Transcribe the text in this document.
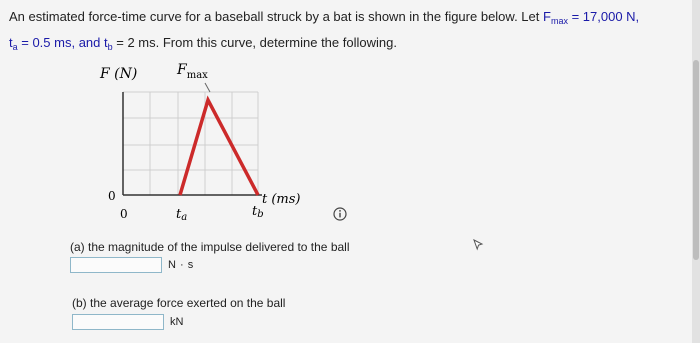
An estimated force-time curve for a baseball struck by a bat is shown in the figure below. Let $F_{max} = 17,000$ N,
$t_a = 0.5$ ms, and $t_b = 2$ ms. From this curve, determine the following.
F (N)	$F_{max}$
t (ms)
0
0	ta	tb
(a) the magnitude of the impulse delivered to the ball
N · s
(b) the average force exerted on the ball
kN
